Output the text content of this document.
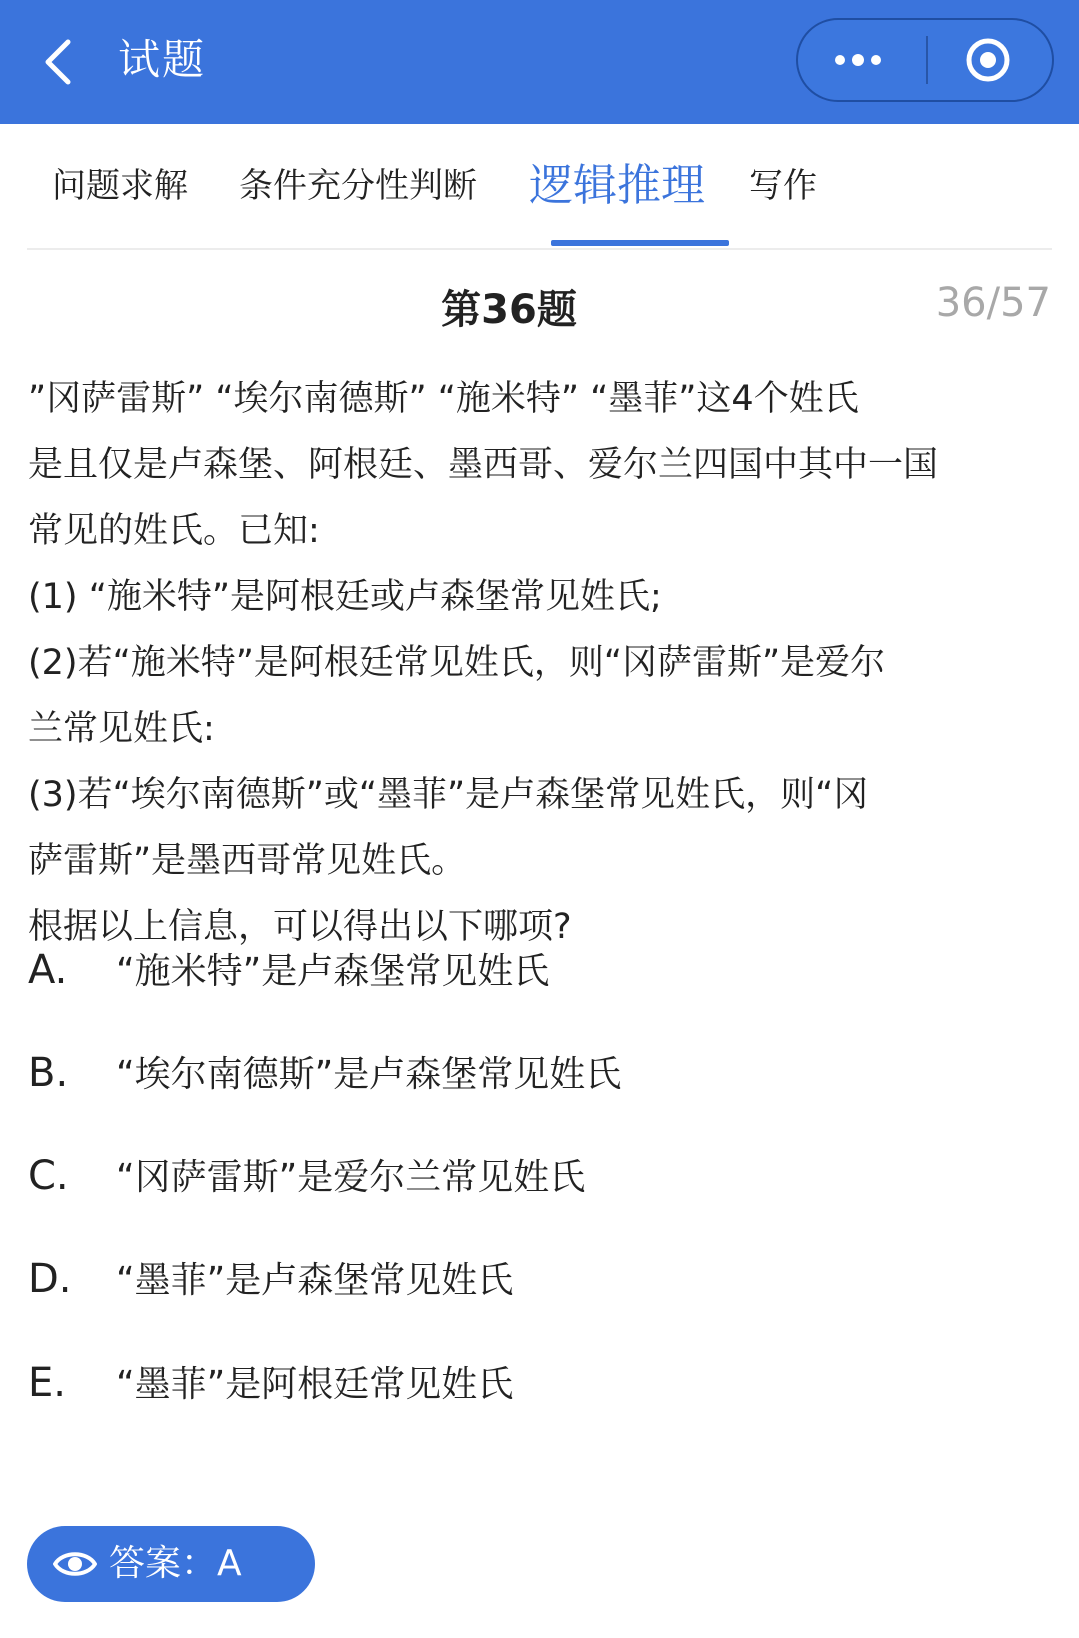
试题
问题求解 条件充分性判断 逻辑推理 写作
第36题	36/57
”冈萨雷斯” “埃尔南德斯” “施米特” “墨菲”这4个姓氏
是且仅是卢森堡、阿根廷、墨西哥、爱尔兰四国中其中一国
常见的姓氏。已知:
(1) “施米特”是阿根廷或卢森堡常见姓氏;
(2)若“施米特”是阿根廷常见姓氏，则“冈萨雷斯”是爱尔
兰常见姓氏:
(3)若“埃尔南德斯”或“墨菲”是卢森堡常见姓氏，则“冈
萨雷斯”是墨西哥常见姓氏。
根据以上信息，可以得出以下哪项?
A. “施米特”是卢森堡常见姓氏
B. “埃尔南德斯”是卢森堡常见姓氏
C. “冈萨雷斯”是爱尔兰常见姓氏
D. “墨菲”是卢森堡常见姓氏
E. “墨菲”是阿根廷常见姓氏
答案：A
